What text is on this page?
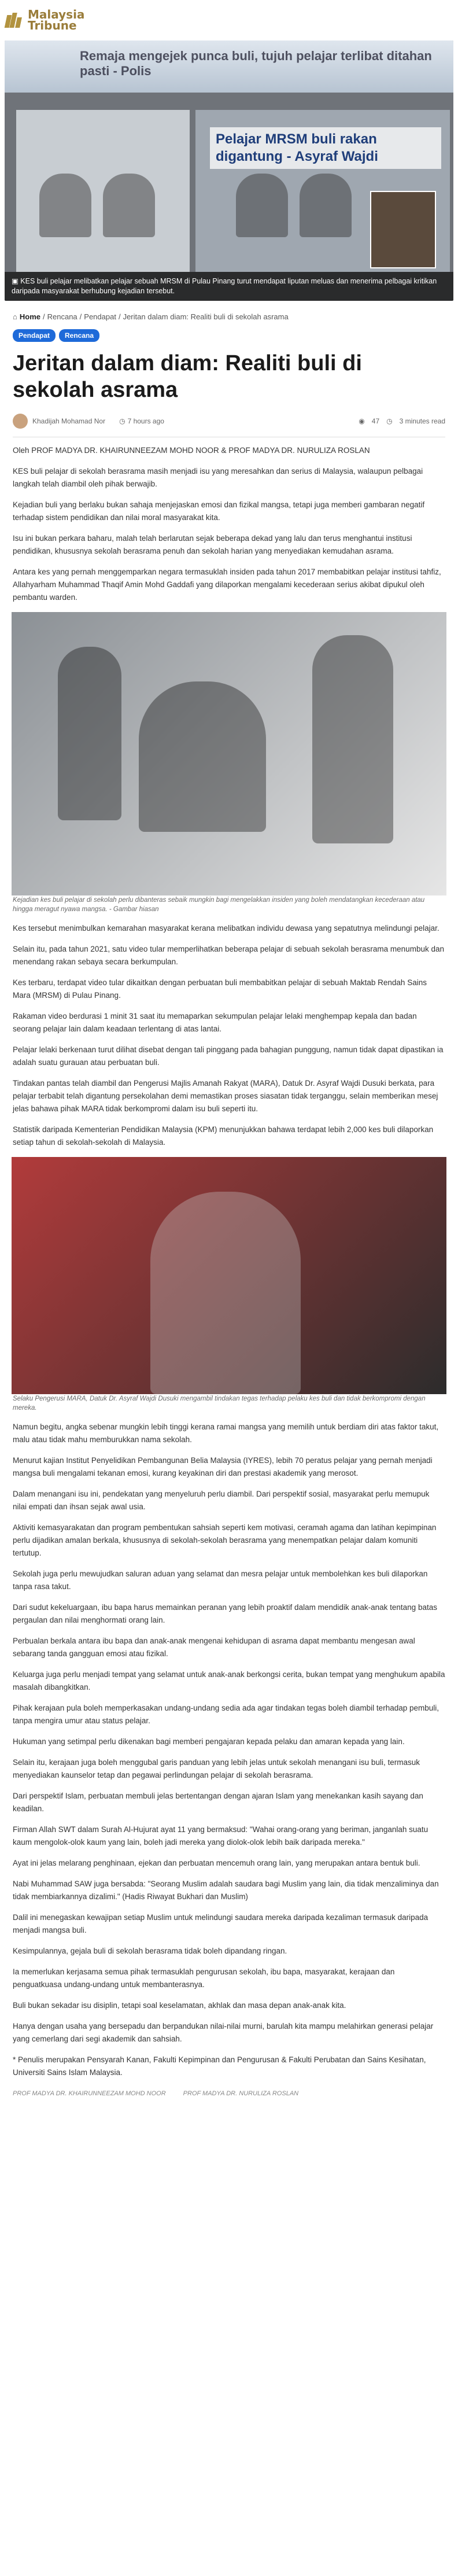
Malaysia
Tribune

Remaja mengejek punca buli, tujuh pelajar terlibat ditahan pasti - Polis

Pelajar MRSM buli rakan digantung - Asyraf Wajdi
▣ KES buli pelajar melibatkan pelajar sebuah MRSM di Pulau Pinang turut mendapat liputan meluas dan menerima pelbagai kritikan daripada masyarakat berhubung kejadian tersebut.
⌂ Home / Rencana / Pendapat / Jeritan dalam diam: Realiti buli di sekolah asrama
Pendapat	Rencana
Jeritan dalam diam: Realiti buli di sekolah asrama
Khadijah Mohamad Nor ◷ 7 hours ago	◉ 47 ◷ 3 minutes read

Oleh PROF MADYA DR. KHAIRUNNEEZAM MOHD NOOR & PROF MADYA DR. NURULIZA ROSLAN

KES buli pelajar di sekolah berasrama masih menjadi isu yang meresahkan dan serius di Malaysia, walaupun pelbagai langkah telah diambil oleh pihak berwajib.

Kejadian buli yang berlaku bukan sahaja menjejaskan emosi dan fizikal mangsa, tetapi juga memberi gambaran negatif terhadap sistem pendidikan dan nilai moral masyarakat kita.

Isu ini bukan perkara baharu, malah telah berlarutan sejak beberapa dekad yang lalu dan terus menghantui institusi pendidikan, khususnya sekolah berasrama penuh dan sekolah harian yang menyediakan kemudahan asrama.

Antara kes yang pernah menggemparkan negara termasuklah insiden pada tahun 2017 membabitkan pelajar institusi tahfiz, Allahyarham Muhammad Thaqif Amin Mohd Gaddafi yang dilaporkan mengalami kecederaan serius akibat dipukul oleh pembantu warden.

Kejadian kes buli pelajar di sekolah perlu dibanteras sebaik mungkin bagi mengelakkan insiden yang boleh mendatangkan kecederaan atau hingga meragut nyawa mangsa. - Gambar hiasan

Kes tersebut menimbulkan kemarahan masyarakat kerana melibatkan individu dewasa yang sepatutnya melindungi pelajar.

Selain itu, pada tahun 2021, satu video tular memperlihatkan beberapa pelajar di sebuah sekolah berasrama menumbuk dan menendang rakan sebaya secara berkumpulan.

Kes terbaru, terdapat video tular dikaitkan dengan perbuatan buli membabitkan pelajar di sebuah Maktab Rendah Sains Mara (MRSM) di Pulau Pinang.

Rakaman video berdurasi 1 minit 31 saat itu memaparkan sekumpulan pelajar lelaki menghempap kepala dan badan seorang pelajar lain dalam keadaan terlentang di atas lantai.

Pelajar lelaki berkenaan turut dilihat disebat dengan tali pinggang pada bahagian punggung, namun tidak dapat dipastikan ia adalah suatu gurauan atau perbuatan buli.

Tindakan pantas telah diambil dan Pengerusi Majlis Amanah Rakyat (MARA), Datuk Dr. Asyraf Wajdi Dusuki berkata, para pelajar terbabit telah digantung persekolahan demi memastikan proses siasatan tidak terganggu, selain memberikan mesej jelas bahawa pihak MARA tidak berkompromi dalam isu buli seperti itu.

Statistik daripada Kementerian Pendidikan Malaysia (KPM) menunjukkan bahawa terdapat lebih 2,000 kes buli dilaporkan setiap tahun di sekolah-sekolah di Malaysia.

Selaku Pengerusi MARA, Datuk Dr. Asyraf Wajdi Dusuki mengambil tindakan tegas terhadap pelaku kes buli dan tidak berkompromi dengan mereka.

Namun begitu, angka sebenar mungkin lebih tinggi kerana ramai mangsa yang memilih untuk berdiam diri atas faktor takut, malu atau tidak mahu memburukkan nama sekolah.

Menurut kajian Institut Penyelidikan Pembangunan Belia Malaysia (IYRES), lebih 70 peratus pelajar yang pernah menjadi mangsa buli mengalami tekanan emosi, kurang keyakinan diri dan prestasi akademik yang merosot.

Dalam menangani isu ini, pendekatan yang menyeluruh perlu diambil. Dari perspektif sosial, masyarakat perlu memupuk nilai empati dan ihsan sejak awal usia.

Aktiviti kemasyarakatan dan program pembentukan sahsiah seperti kem motivasi, ceramah agama dan latihan kepimpinan perlu dijadikan amalan berkala, khususnya di sekolah-sekolah berasrama yang menempatkan pelajar dalam komuniti tertutup.

Sekolah juga perlu mewujudkan saluran aduan yang selamat dan mesra pelajar untuk membolehkan kes buli dilaporkan tanpa rasa takut.

Dari sudut kekeluargaan, ibu bapa harus memainkan peranan yang lebih proaktif dalam mendidik anak-anak tentang batas pergaulan dan nilai menghormati orang lain.

Perbualan berkala antara ibu bapa dan anak-anak mengenai kehidupan di asrama dapat membantu mengesan awal sebarang tanda gangguan emosi atau fizikal.

Keluarga juga perlu menjadi tempat yang selamat untuk anak-anak berkongsi cerita, bukan tempat yang menghukum apabila masalah dibangkitkan.

Pihak kerajaan pula boleh memperkasakan undang-undang sedia ada agar tindakan tegas boleh diambil terhadap pembuli, tanpa mengira umur atau status pelajar.

Hukuman yang setimpal perlu dikenakan bagi memberi pengajaran kepada pelaku dan amaran kepada yang lain.

Selain itu, kerajaan juga boleh menggubal garis panduan yang lebih jelas untuk sekolah menangani isu buli, termasuk menyediakan kaunselor tetap dan pegawai perlindungan pelajar di sekolah berasrama.

Dari perspektif Islam, perbuatan membuli jelas bertentangan dengan ajaran Islam yang menekankan kasih sayang dan keadilan.

Firman Allah SWT dalam Surah Al-Hujurat ayat 11 yang bermaksud: "Wahai orang-orang yang beriman, janganlah suatu kaum mengolok-olok kaum yang lain, boleh jadi mereka yang diolok-olok lebih baik daripada mereka."

Ayat ini jelas melarang penghinaan, ejekan dan perbuatan mencemuh orang lain, yang merupakan antara bentuk buli.

Nabi Muhammad SAW juga bersabda: "Seorang Muslim adalah saudara bagi Muslim yang lain, dia tidak menzaliminya dan tidak membiarkannya dizalimi." (Hadis Riwayat Bukhari dan Muslim)

Dalil ini menegaskan kewajipan setiap Muslim untuk melindungi saudara mereka daripada kezaliman termasuk daripada menjadi mangsa buli.

Kesimpulannya, gejala buli di sekolah berasrama tidak boleh dipandang ringan.

Ia memerlukan kerjasama semua pihak termasuklah pengurusan sekolah, ibu bapa, masyarakat, kerajaan dan penguatkuasa undang-undang untuk membanterasnya.

Buli bukan sekadar isu disiplin, tetapi soal keselamatan, akhlak dan masa depan anak-anak kita.

Hanya dengan usaha yang bersepadu dan berpandukan nilai-nilai murni, barulah kita mampu melahirkan generasi pelajar yang cemerlang dari segi akademik dan sahsiah.

* Penulis merupakan Pensyarah Kanan, Fakulti Kepimpinan dan Pengurusan & Fakulti Perubatan dan Sains Kesihatan, Universiti Sains Islam Malaysia.

PROF MADYA DR. KHAIRUNNEEZAM MOHD NOOR	PROF MADYA DR. NURULIZA ROSLAN
